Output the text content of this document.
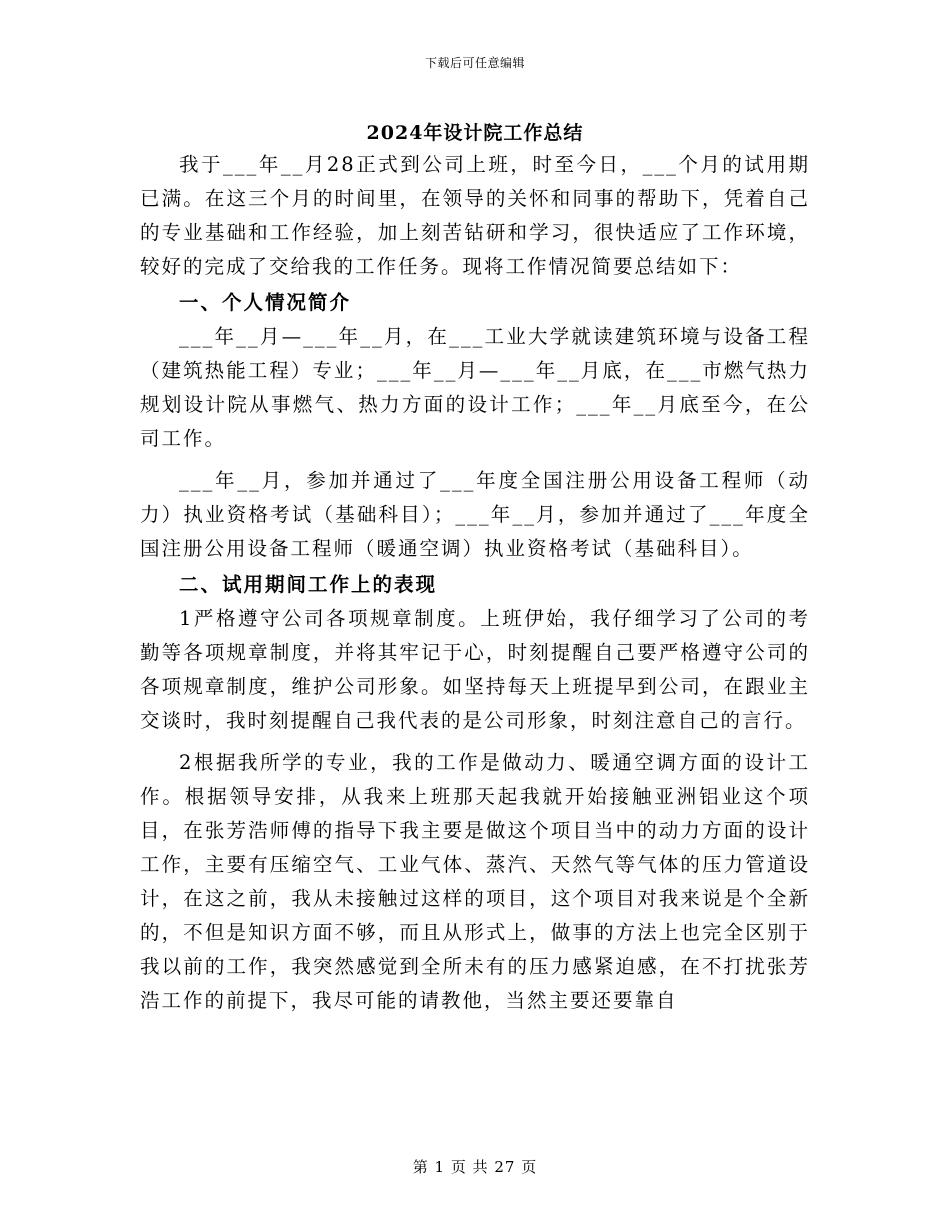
下载后可任意编辑
2024年设计院工作总结

我于___年__月28正式到公司上班，时至今日，___个月的试用期已满。在这三个月的时间里，在领导的关怀和同事的帮助下，凭着自己的专业基础和工作经验，加上刻苦钻研和学习，很快适应了工作环境，较好的完成了交给我的工作任务。现将工作情况简要总结如下：

一、个人情况简介

___年__月—___年__月，在___工业大学就读建筑环境与设备工程（建筑热能工程）专业；___年__月—___年__月底，在___市燃气热力规划设计院从事燃气、热力方面的设计工作；___年__月底至今，在公司工作。

___年__月，参加并通过了___年度全国注册公用设备工程师（动力）执业资格考试（基础科目）；___年__月，参加并通过了___年度全国注册公用设备工程师（暖通空调）执业资格考试（基础科目）。

二、试用期间工作上的表现

1严格遵守公司各项规章制度。上班伊始，我仔细学习了公司的考勤等各项规章制度，并将其牢记于心，时刻提醒自己要严格遵守公司的各项规章制度，维护公司形象。如坚持每天上班提早到公司，在跟业主交谈时，我时刻提醒自己我代表的是公司形象，时刻注意自己的言行。

2根据我所学的专业，我的工作是做动力、暖通空调方面的设计工作。根据领导安排，从我来上班那天起我就开始接触亚洲铝业这个项目，在张芳浩师傅的指导下我主要是做这个项目当中的动力方面的设计工作，主要有压缩空气、工业气体、蒸汽、天然气等气体的压力管道设计，在这之前，我从未接触过这样的项目，这个项目对我来说是个全新的，不但是知识方面不够，而且从形式上，做事的方法上也完全区别于我以前的工作，我突然感觉到全所未有的压力感紧迫感，在不打扰张芳浩工作的前提下，我尽可能的请教他，当然主要还要靠自

第 1 页 共 27 页
